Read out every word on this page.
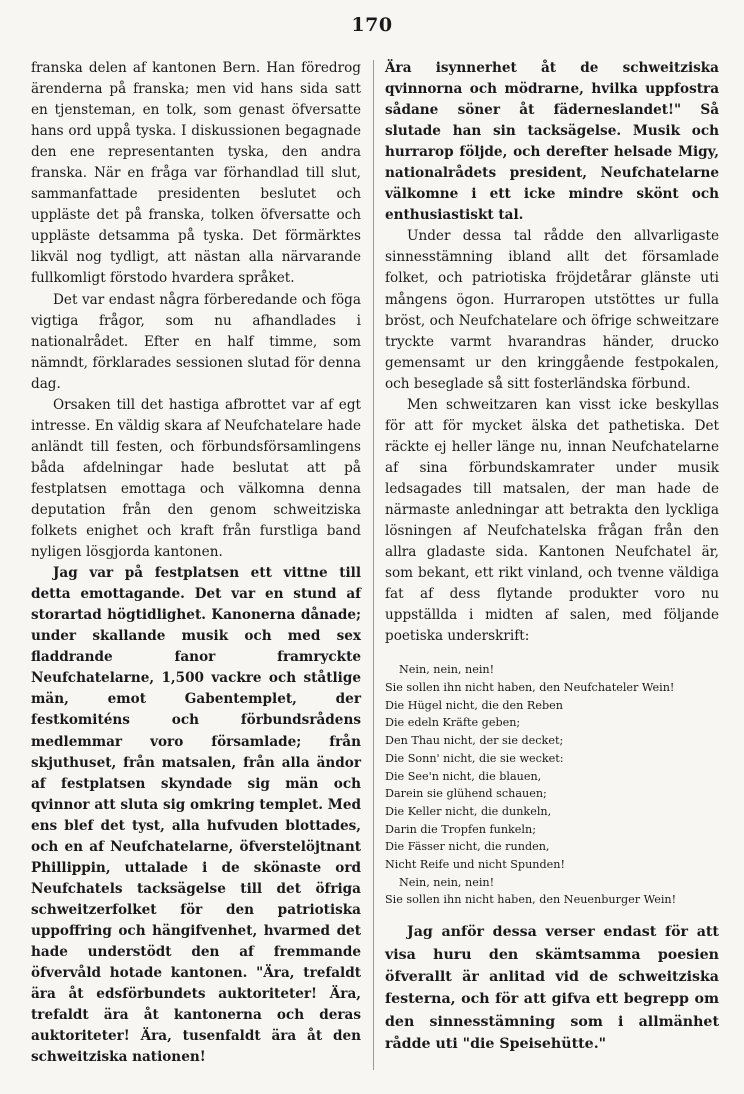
170

franska delen af kantonen Bern. Han föredrog ärenderna på franska; men vid hans sida satt en tjensteman, en tolk, som genast öfversatte hans ord uppå tyska. I diskussionen begagnade den ene representanten tyska, den andra franska. När en fråga var förhandlad till slut, sammanfattade presidenten beslutet och uppläste det på franska, tolken öfversatte och uppläste detsamma på tyska. Det förmärktes likväl nog tydligt, att nästan alla närvarande fullkomligt förstodo hvardera språket.

Det var endast några förberedande och föga vigtiga frågor, som nu afhandlades i nationalrådet. Efter en half timme, som nämndt, förklarades sessionen slutad för denna dag.

Orsaken till det hastiga afbrottet var af egt intresse. En väldig skara af Neufchatelare hade anländt till festen, och förbundsförsamlingens båda afdelningar hade beslutat att på festplatsen emottaga och välkomna denna deputation från den genom schweitziska folkets enighet och kraft från furstliga band nyligen lösgjorda kantonen.

Jag var på festplatsen ett vittne till detta emottagande. Det var en stund af storartad högtidlighet. Kanonerna dånade; under skallande musik och med sex fladdrande fanor framryckte Neufchatelarne, 1,500 vackre och ståtlige män, emot Gabentemplet, der festkomiténs och förbundsrådens medlemmar voro församlade; från skjuthuset, från matsalen, från alla ändor af festplatsen skyndade sig män och qvinnor att sluta sig omkring templet. Med ens blef det tyst, alla hufvuden blottades, och en af Neufchatelarne, öfverstelöjtnant Phillippin, uttalade i de skönaste ord Neufchatels tacksägelse till det öfriga schweitzerfolket för den patriotiska uppoffring och hängifvenhet, hvarmed det hade understödt den af fremmande öfvervåld hotade kantonen. "Ära, trefaldt ära åt edsförbundets auktoriteter! Ära, trefaldt ära åt kantonerna och deras auktoriteter! Ära, tusenfaldt ära åt den schweitziska nationen!

Ära isynnerhet åt de schweitziska qvinnorna och mödrarne, hvilka uppfostra sådane söner åt fäderneslandet!" Så slutade han sin tacksägelse. Musik och hurrarop följde, och derefter helsade Migy, nationalrådets president, Neufchatelarne välkomne i ett icke mindre skönt och enthusiastiskt tal.

Under dessa tal rådde den allvarligaste sinnesstämning ibland allt det församlade folket, och patriotiska fröjdetårar glänste uti mångens ögon. Hurraropen utstöttes ur fulla bröst, och Neufchatelare och öfrige schweitzare tryckte varmt hvarandras händer, drucko gemensamt ur den kringgående festpokalen, och beseglade så sitt fosterländska förbund.

Men schweitzaren kan visst icke beskyllas för att för mycket älska det pathetiska. Det räckte ej heller länge nu, innan Neufchatelarne af sina förbundskamrater under musik ledsagades till matsalen, der man hade de närmaste anledningar att betrakta den lyckliga lösningen af Neufchatelska frågan från den allra gladaste sida. Kantonen Neufchatel är, som bekant, ett rikt vinland, och tvenne väldiga fat af dess flytande produkter voro nu uppställda i midten af salen, med följande poetiska underskrift:

Nein, nein, nein!
Sie sollen ihn nicht haben, den Neufchateler Wein!
Die Hügel nicht, die den Reben
Die edeln Kräfte geben;
Den Thau nicht, der sie decket;
Die Sonn' nicht, die sie wecket:
Die See'n nicht, die blauen,
Darein sie glühend schauen;
Die Keller nicht, die dunkeln,
Darin die Tropfen funkeln;
Die Fässer nicht, die runden,
Nicht Reife und nicht Spunden!
Nein, nein, nein!
Sie sollen ihn nicht haben, den Neuenburger Wein!

Jag anför dessa verser endast för att visa huru den skämtsamma poesien öfverallt är anlitad vid de schweitziska festerna, och för att gifva ett begrepp om den sinnesstämning som i allmänhet rådde uti "die Speisehütte."
